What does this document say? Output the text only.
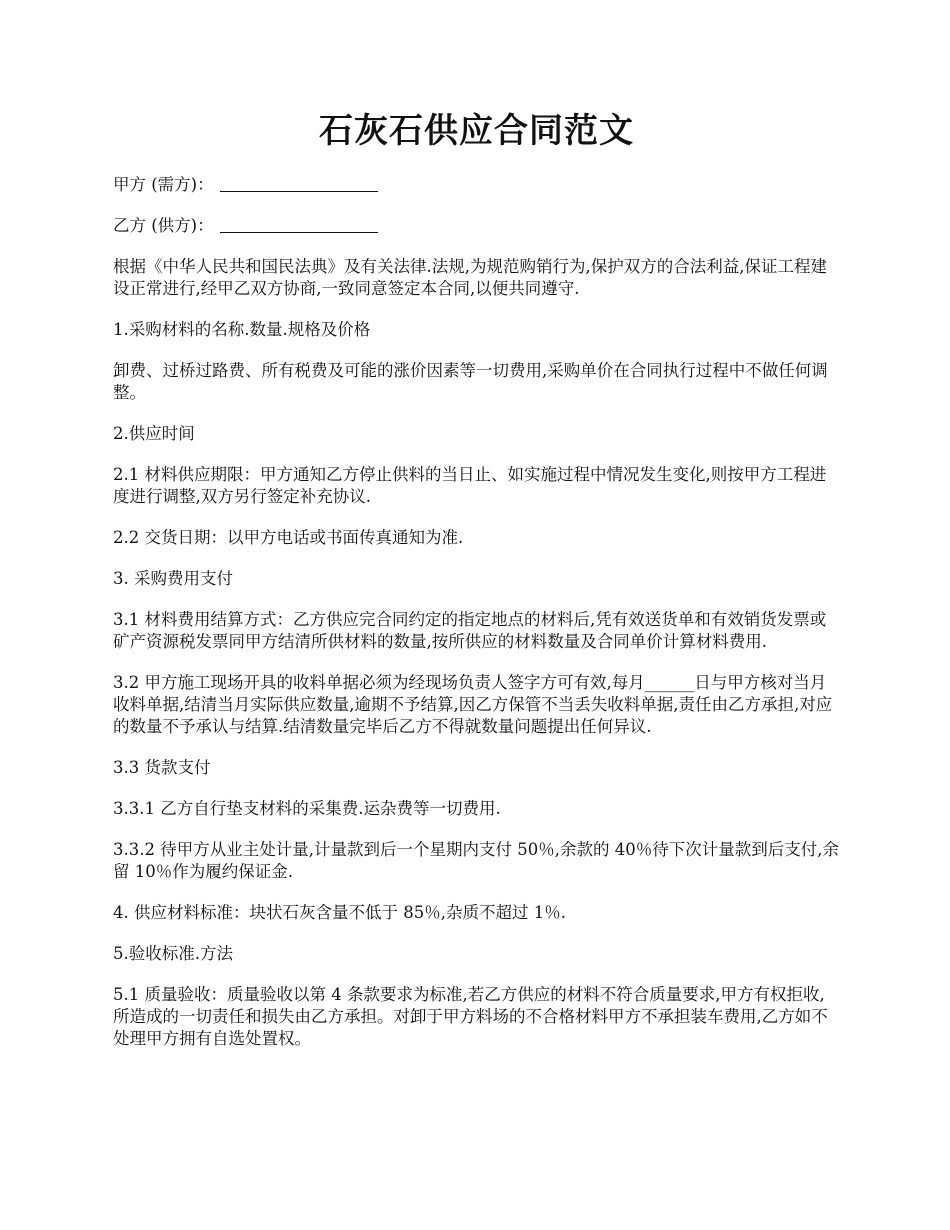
石灰石供应合同范文

甲方 (需方)：

乙方 (供方)：

根据《中华人民共和国民法典》及有关法律.法规,为规范购销行为,保护双方的合法利益,保证工程建设正常进行,经甲乙双方协商,一致同意签定本合同,以便共同遵守.

1.采购材料的名称.数量.规格及价格

卸费、过桥过路费、所有税费及可能的涨价因素等一切费用,采购单价在合同执行过程中不做任何调整。

2.供应时间

2.1 材料供应期限：甲方通知乙方停止供料的当日止、如实施过程中情况发生变化,则按甲方工程进度进行调整,双方另行签定补充协议.

2.2 交货日期：以甲方电话或书面传真通知为准.

3. 采购费用支付

3.1 材料费用结算方式：乙方供应完合同约定的指定地点的材料后,凭有效送货单和有效销货发票或矿产资源税发票同甲方结清所供材料的数量,按所供应的材料数量及合同单价计算材料费用.

3.2 甲方施工现场开具的收料单据必须为经现场负责人签字方可有效,每月______日与甲方核对当月收料单据,结清当月实际供应数量,逾期不予结算,因乙方保管不当丢失收料单据,责任由乙方承担,对应的数量不予承认与结算.结清数量完毕后乙方不得就数量问题提出任何异议.

3.3 货款支付

3.3.1 乙方自行垫支材料的采集费.运杂费等一切费用.

3.3.2 待甲方从业主处计量,计量款到后一个星期内支付 50％,余款的 40％待下次计量款到后支付,余留 10％作为履约保证金.

4. 供应材料标准：块状石灰含量不低于 85％,杂质不超过 1％.

5.验收标准.方法

5.1 质量验收：质量验收以第 4 条款要求为标准,若乙方供应的材料不符合质量要求,甲方有权拒收,所造成的一切责任和损失由乙方承担。对卸于甲方料场的不合格材料甲方不承担装车费用,乙方如不处理甲方拥有自选处置权。
